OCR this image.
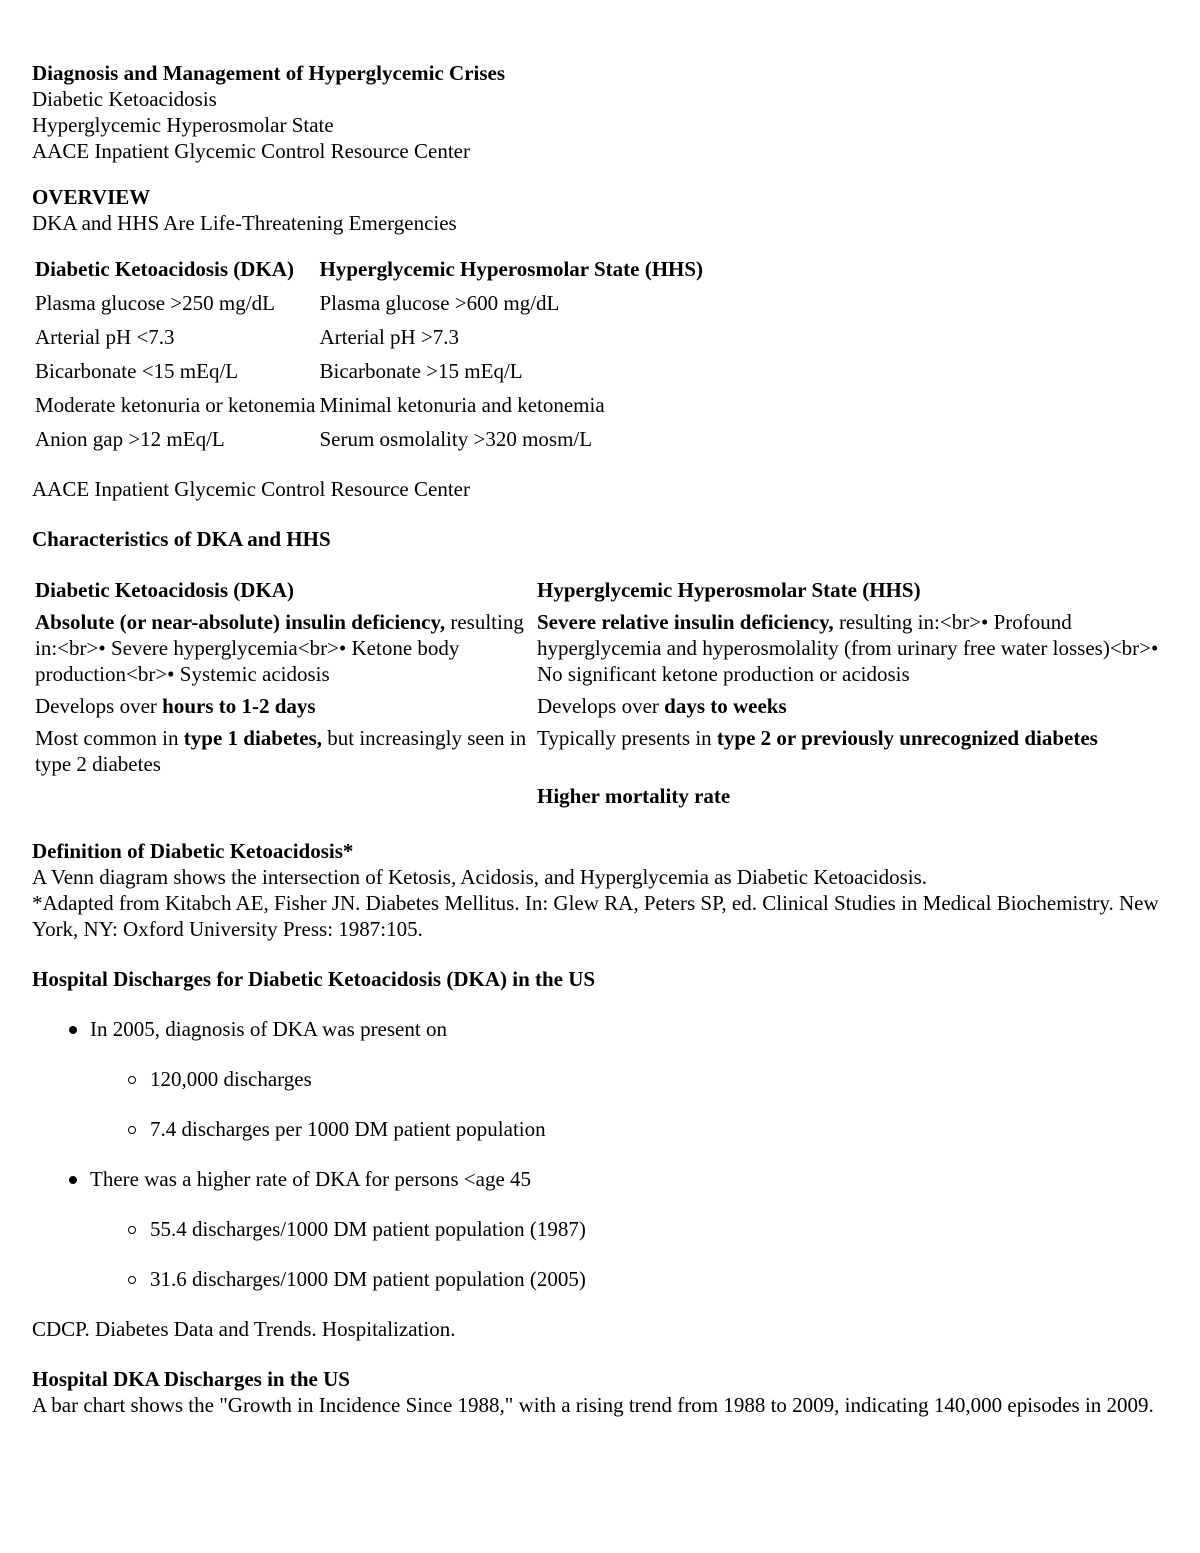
Diagnosis and Management of Hyperglycemic Crises
Diabetic Ketoacidosis
Hyperglycemic Hyperosmolar State
AACE Inpatient Glycemic Control Resource Center
OVERVIEW
DKA and HHS Are Life-Threatening Emergencies
Diabetic Ketoacidosis (DKA)	Hyperglycemic Hyperosmolar State (HHS)
Plasma glucose >250 mg/dL	Plasma glucose >600 mg/dL
Arterial pH <7.3	Arterial pH >7.3
Bicarbonate <15 mEq/L	Bicarbonate >15 mEq/L
Moderate ketonuria or ketonemia	Minimal ketonuria and ketonemia
Anion gap >12 mEq/L	Serum osmolality >320 mosm/L
AACE Inpatient Glycemic Control Resource Center
Characteristics of DKA and HHS
Diabetic Ketoacidosis (DKA)	Hyperglycemic Hyperosmolar State (HHS)
Absolute (or near-absolute) insulin deficiency, resulting in:<br>• Severe hyperglycemia<br>• Ketone body production<br>• Systemic acidosis	Severe relative insulin deficiency, resulting in:<br>• Profound hyperglycemia and hyperosmolality (from urinary free water losses)<br>• No significant ketone production or acidosis
Develops over hours to 1-2 days	Develops over days to weeks
Most common in type 1 diabetes, but increasingly seen in type 2 diabetes	Typically presents in type 2 or previously unrecognized diabetes
	Higher mortality rate
Definition of Diabetic Ketoacidosis*
A Venn diagram shows the intersection of Ketosis, Acidosis, and Hyperglycemia as Diabetic Ketoacidosis.
*Adapted from Kitabch AE, Fisher JN. Diabetes Mellitus. In: Glew RA, Peters SP, ed. Clinical Studies in Medical Biochemistry. New York, NY: Oxford University Press: 1987:105.
Hospital Discharges for Diabetic Ketoacidosis (DKA) in the US
In 2005, diagnosis of DKA was present on
120,000 discharges
7.4 discharges per 1000 DM patient population
There was a higher rate of DKA for persons <age 45
55.4 discharges/1000 DM patient population (1987)
31.6 discharges/1000 DM patient population (2005)
CDCP. Diabetes Data and Trends. Hospitalization.
Hospital DKA Discharges in the US
A bar chart shows the "Growth in Incidence Since 1988," with a rising trend from 1988 to 2009, indicating 140,000 episodes in 2009.
